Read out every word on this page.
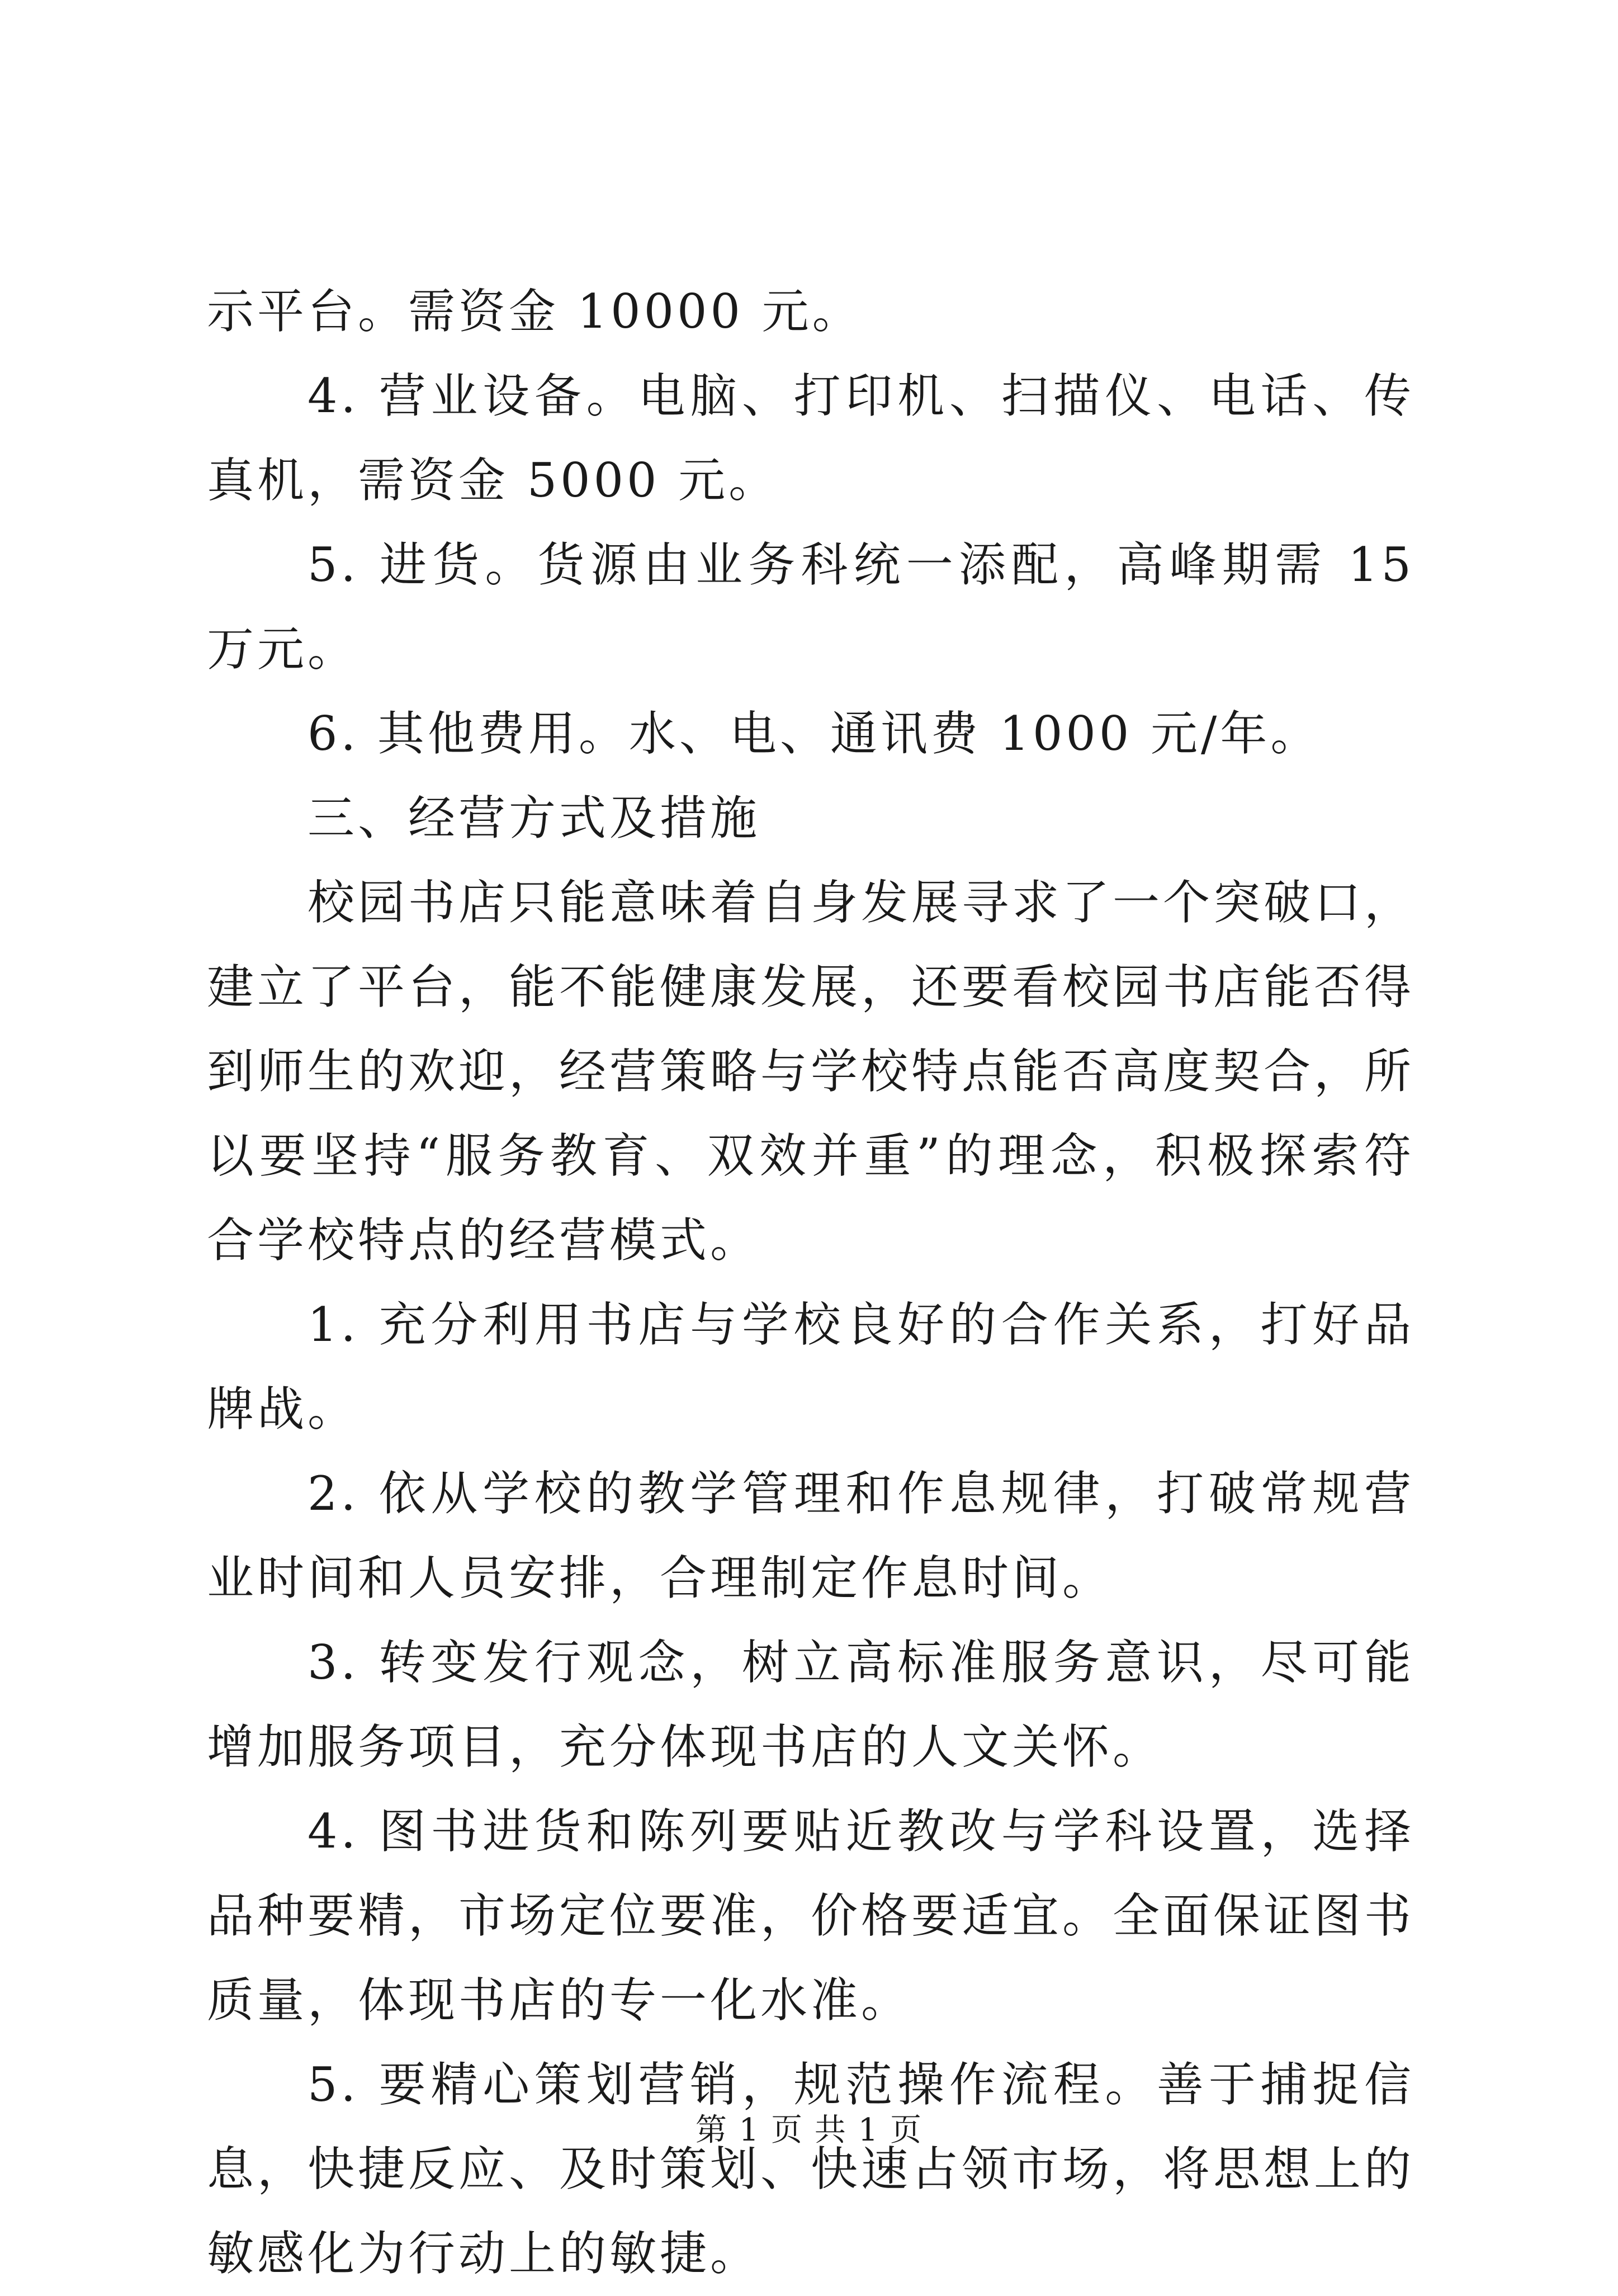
示平台。需资金 10000 元。

4. 营业设备。电脑、打印机、扫描仪、电话、传真机，需资金 5000 元。

5. 进货。货源由业务科统一添配，高峰期需 15 万元。

6. 其他费用。水、电、通讯费 1000 元/年。

三、经营方式及措施

校园书店只能意味着自身发展寻求了一个突破口，建立了平台，能不能健康发展，还要看校园书店能否得到师生的欢迎，经营策略与学校特点能否高度契合，所以要坚持“服务教育、双效并重”的理念，积极探索符合学校特点的经营模式。

1. 充分利用书店与学校良好的合作关系，打好品牌战。

2. 依从学校的教学管理和作息规律，打破常规营业时间和人员安排，合理制定作息时间。

3. 转变发行观念，树立高标准服务意识，尽可能增加服务项目，充分体现书店的人文关怀。

4. 图书进货和陈列要贴近教改与学科设置，选择品种要精，市场定位要准，价格要适宜。全面保证图书质量，体现书店的专一化水准。

5. 要精心策划营销，规范操作流程。善于捕捉信息，快捷反应、及时策划、快速占领市场，将思想上的敏感化为行动上的敏捷。

第 1 页 共 1 页
